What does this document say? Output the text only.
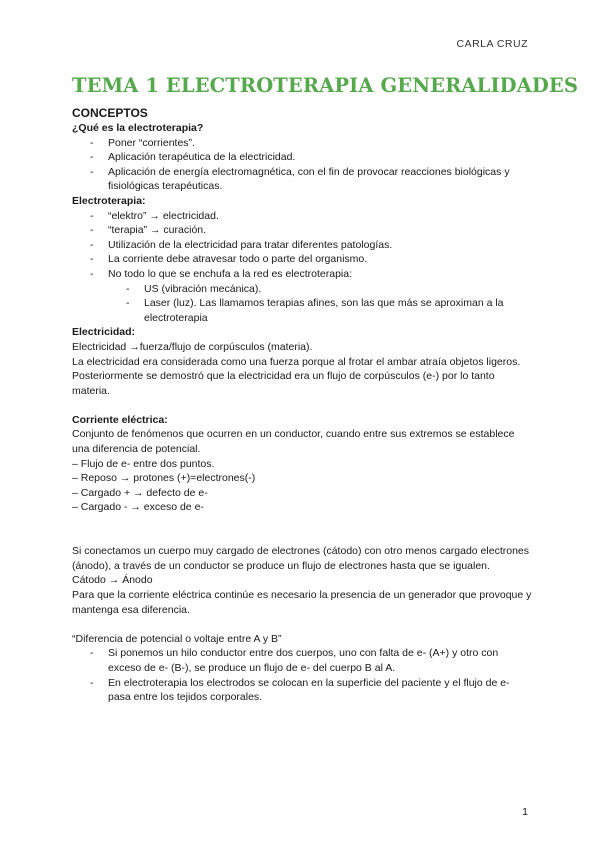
CARLA CRUZ
TEMA 1 ELECTROTERAPIA GENERALIDADES
CONCEPTOS
¿Qué es la electroterapia?
- Poner “corrientes”.
- Aplicación terapéutica de la electricidad.
- Aplicación de energía electromagnética, con el fin de provocar reacciones biológicas y fisiológicas terapéuticas.
Electroterapia:
- “elektro” → electricidad.
- “terapia” → curación.
- Utilización de la electricidad para tratar diferentes patologías.
- La corriente debe atravesar todo o parte del organismo.
- No todo lo que se enchufa a la red es electroterapia:
- US (vibración mecánica).
- Laser (luz). Las llamamos terapias afines, son las que más se aproximan a la electroterapia
Electricidad:

Electricidad →fuerza/flujo de corpúsculos (materia).

La electricidad era considerada como una fuerza porque al frotar el ambar atraía objetos ligeros. Posteriormente se demostró que la electricidad era un flujo de corpúsculos (e-) por lo tanto materia.

Corriente eléctrica:

Conjunto de fenómenos que ocurren en un conductor, cuando entre sus extremos se establece una diferencia de potencial.

– Flujo de e- entre dos puntos.

– Reposo → protones (+)=electrones(-)

– Cargado + → defecto de e-

– Cargado - → exceso de e-

Si conectamos un cuerpo muy cargado de electrones (cátodo) con otro menos cargado electrones (ánodo), a través de un conductor se produce un flujo de electrones hasta que se igualen.

Cátodo → Ánodo

Para que la corriente eléctrica continúe es necesario la presencia de un generador que provoque y mantenga esa diferencia.

“Diferencia de potencial o voltaje entre A y B”

- Si ponemos un hilo conductor entre dos cuerpos, uno con falta de e- (A+) y otro con exceso de e- (B-), se produce un flujo de e- del cuerpo B al A.
- En electroterapia los electrodos se colocan en la superficie del paciente y el flujo de e- pasa entre los tejidos corporales.
1
